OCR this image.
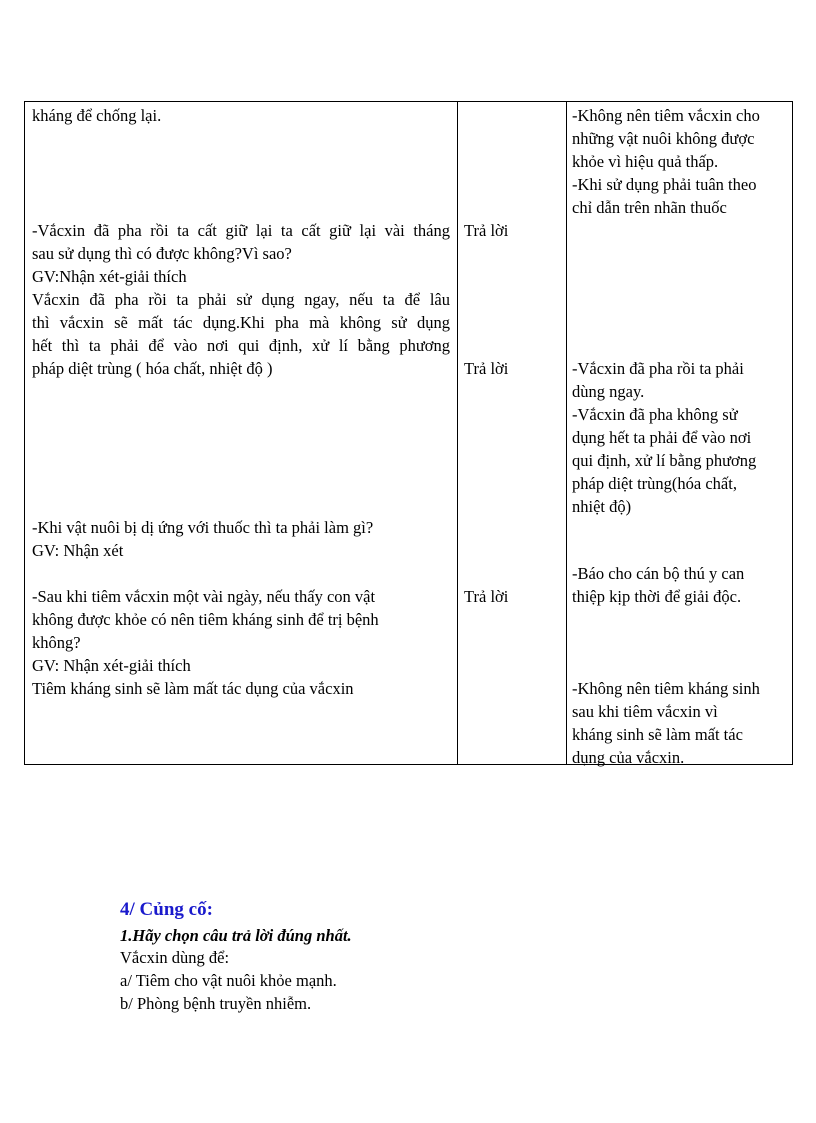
kháng để chống lại.
-Vắcxin đã pha rồi ta cất giữ lại ta cất giữ lại vài tháng
sau sử dụng thì có được không?Vì sao?
GV:Nhận xét-giải thích
Vắcxin đã pha rồi ta phải sử dụng ngay, nếu ta để lâu
thì vắcxin sẽ mất tác dụng.Khi pha mà không sử dụng
hết thì ta phải để vào nơi qui định, xử lí bằng phương
pháp diệt trùng ( hóa chất, nhiệt độ )
-Khi vật nuôi bị dị ứng với thuốc thì ta phải làm gì?
GV: Nhận xét
-Sau khi tiêm vắcxin một vài ngày, nếu thấy con vật
không được khỏe có nên tiêm kháng sinh để trị bệnh
không?
GV: Nhận xét-giải thích
Tiêm kháng sinh sẽ làm mất tác dụng của vắcxin
Trả lời
Trả lời
Trả lời
-Không nên tiêm vắcxin cho
những vật nuôi không được
khỏe vì hiệu quả thấp.
-Khi sử dụng phải tuân theo
chỉ dẫn trên nhãn thuốc
-Vắcxin đã pha rồi ta phải
dùng ngay.
-Vắcxin đã pha không sử
dụng hết ta phải để vào nơi
qui định, xử lí bằng phương
pháp diệt trùng(hóa chất,
nhiệt độ)
-Báo cho cán bộ thú y can
thiệp kịp thời để giải độc.
-Không nên tiêm kháng sinh
sau khi tiêm vắcxin vì
kháng sinh sẽ làm mất tác
dụng của vắcxin.
4/ Củng cố:
1.Hãy chọn câu trả lời đúng nhất.
Vắcxin dùng để:
a/ Tiêm cho vật nuôi khỏe mạnh.
b/ Phòng bệnh truyền nhiễm.
